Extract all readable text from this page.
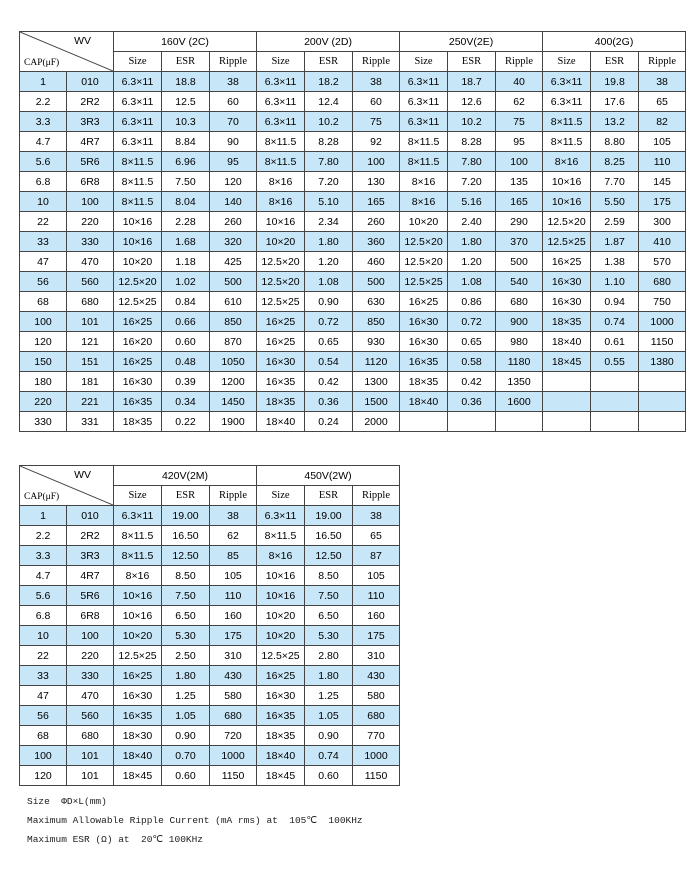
WV
CAP(μF)		160V (2C)			200V (2D)			250V(2E)			400(2G)		
		Size	ESR	Ripple	Size	ESR	Ripple	Size	ESR	Ripple	Size	ESR	Ripple
1	010	6.3×11	18.8	38	6.3×11	18.2	38	6.3×11	18.7	40	6.3×11	19.8	38
2.2	2R2	6.3×11	12.5	60	6.3×11	12.4	60	6.3×11	12.6	62	6.3×11	17.6	65
3.3	3R3	6.3×11	10.3	70	6.3×11	10.2	75	6.3×11	10.2	75	8×11.5	13.2	82
4.7	4R7	6.3×11	8.84	90	8×11.5	8.28	92	8×11.5	8.28	95	8×11.5	8.80	105
5.6	5R6	8×11.5	6.96	95	8×11.5	7.80	100	8×11.5	7.80	100	8×16	8.25	110
6.8	6R8	8×11.5	7.50	120	8×16	7.20	130	8×16	7.20	135	10×16	7.70	145
10	100	8×11.5	8.04	140	8×16	5.10	165	8×16	5.16	165	10×16	5.50	175
22	220	10×16	2.28	260	10×16	2.34	260	10×20	2.40	290	12.5×20	2.59	300
33	330	10×16	1.68	320	10×20	1.80	360	12.5×20	1.80	370	12.5×25	1.87	410
47	470	10×20	1.18	425	12.5×20	1.20	460	12.5×20	1.20	500	16×25	1.38	570
56	560	12.5×20	1.02	500	12.5×20	1.08	500	12.5×25	1.08	540	16×30	1.10	680
68	680	12.5×25	0.84	610	12.5×25	0.90	630	16×25	0.86	680	16×30	0.94	750
100	101	16×25	0.66	850	16×25	0.72	850	16×30	0.72	900	18×35	0.74	1000
120	121	16×20	0.60	870	16×25	0.65	930	16×30	0.65	980	18×40	0.61	1150
150	151	16×25	0.48	1050	16×30	0.54	1120	16×35	0.58	1180	18×45	0.55	1380
180	181	16×30	0.39	1200	16×35	0.42	1300	18×35	0.42	1350			
220	221	16×35	0.34	1450	18×35	0.36	1500	18×40	0.36	1600			
330	331	18×35	0.22	1900	18×40	0.24	2000						
WV
CAP(μF)		420V(2M)			450V(2W)		
		Size	ESR	Ripple	Size	ESR	Ripple
1	010	6.3×11	19.00	38	6.3×11	19.00	38
2.2	2R2	8×11.5	16.50	62	8×11.5	16.50	65
3.3	3R3	8×11.5	12.50	85	8×16	12.50	87
4.7	4R7	8×16	8.50	105	10×16	8.50	105
5.6	5R6	10×16	7.50	110	10×16	7.50	110
6.8	6R8	10×16	6.50	160	10×20	6.50	160
10	100	10×20	5.30	175	10×20	5.30	175
22	220	12.5×25	2.50	310	12.5×25	2.80	310
33	330	16×25	1.80	430	16×25	1.80	430
47	470	16×30	1.25	580	16×30	1.25	580
56	560	16×35	1.05	680	16×35	1.05	680
68	680	18×30	0.90	720	18×35	0.90	770
100	101	18×40	0.70	1000	18×40	0.74	1000
120	101	18×45	0.60	1150	18×45	0.60	1150
Size  ΦD×L(mm)
Maximum Allowable Ripple Current (mA rms) at  105℃  100KHz
Maximum ESR (Ω) at  20℃ 100KHz
